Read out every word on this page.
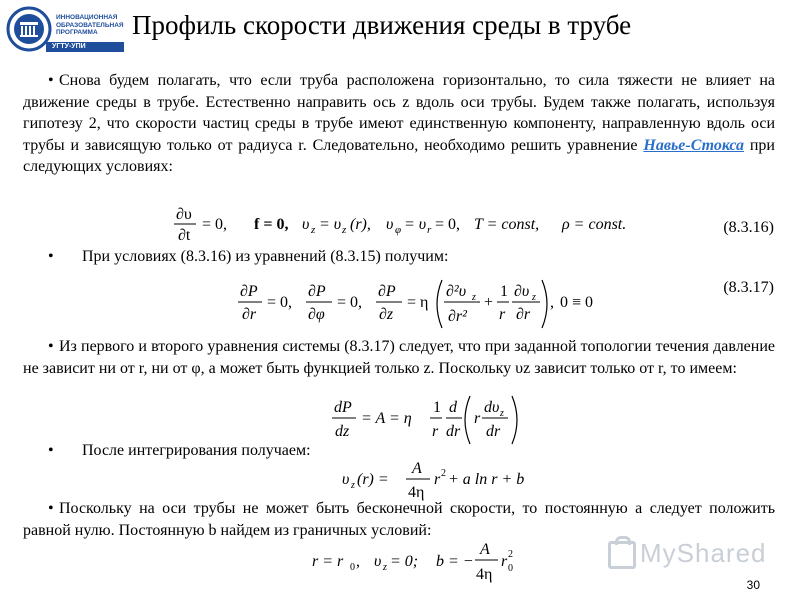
ИННОВАЦИОННАЯ
ОБРАЗОВАТЕЛЬНАЯ
ПРОГРАММА
УГТУ-УПИ
Профиль скорости движения среды в трубе
• Снова будем полагать, что если труба расположена горизонтально, то сила тяжести не влияет на движение среды в трубе. Естественно направить ось z вдоль оси трубы. Будем также полагать, используя гипотезу 2, что скорости частиц среды в трубе имеют единственную компоненту, направленную вдоль оси трубы и зависящую только от радиуса r. Следовательно, необходимо решить уравнение Навье-Стокса при следующих условиях:
∂υ
∂t
= 0, f = 0, υ z = υ z (r), υ φ = υ r = 0, T = const, ρ = const.	(8.3.16)
• При условиях (8.3.16) из уравнений (8.3.15) получим:
∂P
∂r
= 0,
∂P
∂φ
= 0,
∂P
∂z
= η
∂²υ z
∂r²
+
1
r
∂υ z
∂r
, 0 ≡ 0
(8.3.17)
• Из первого и второго уравнения системы (8.3.17) следует, что при заданной топологии течения давление не зависит ни от r, ни от φ, а может быть функцией только z. Поскольку υz зависит только от r, то имеем:
dP
dz
= A = η
1
r
d
dr
r
dυ z
dr
• После интегрирования получаем:
υ z (r) =
A
4η
r 2 + a ln r + b
• Поскольку на оси трубы не может быть бесконечной скорости, то постоянную a следует положить равной нулю. Постоянную b найдем из граничных условий:
r = r 0 , υ z = 0; b = −
A
4η
r 0
2	MyShared
30
